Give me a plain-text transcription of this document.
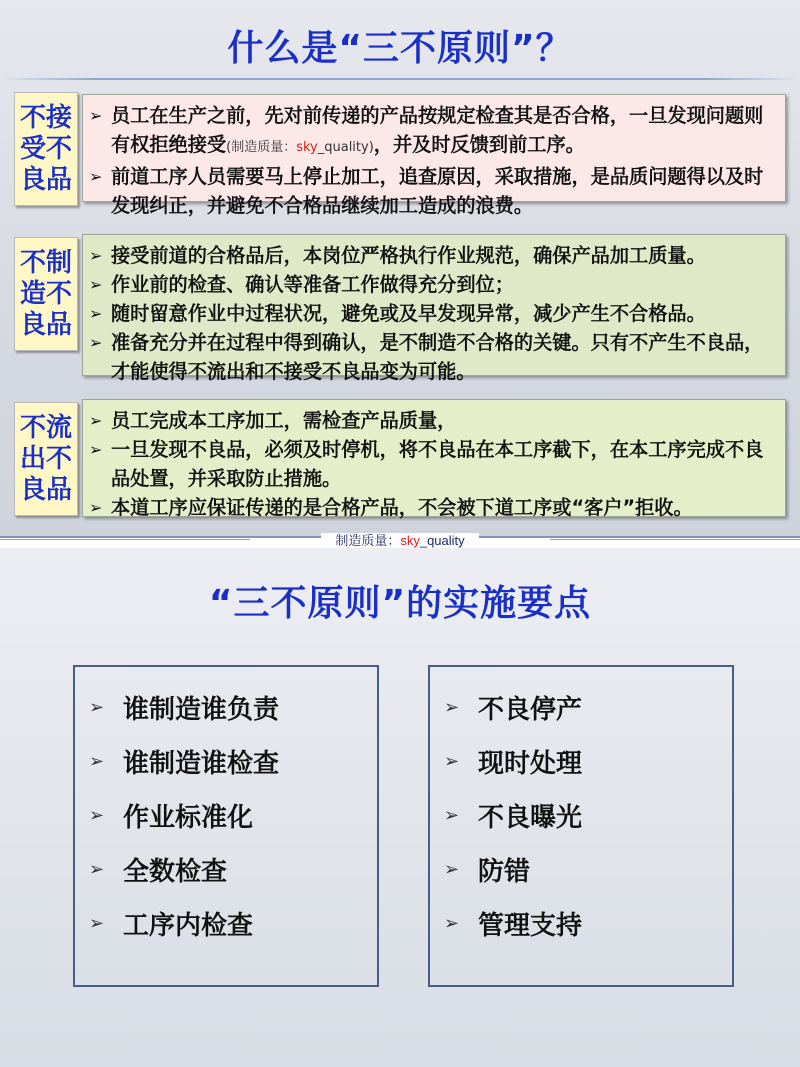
什么是“三不原则”？
不接
受不
良品
➢ 员工在生产之前，先对前传递的产品按规定检查其是否合格，一旦发现问题则有权拒绝接受(制造质量：sky_quality)，并及时反馈到前工序。
➢ 前道工序人员需要马上停止加工，追查原因，采取措施，是品质问题得以及时发现纠正，并避免不合格品继续加工造成的浪费。
不制
造不
良品
➢ 接受前道的合格品后，本岗位严格执行作业规范，确保产品加工质量。
➢ 作业前的检查、确认等准备工作做得充分到位；
➢ 随时留意作业中过程状况，避免或及早发现异常，减少产生不合格品。
➢ 准备充分并在过程中得到确认，是不制造不合格的关键。只有不产生不良品，才能使得不流出和不接受不良品变为可能。
不流
出不
良品
➢ 员工完成本工序加工，需检查产品质量，
➢ 一旦发现不良品，必须及时停机，将不良品在本工序截下，在本工序完成不良品处置，并采取防止措施。
➢ 本道工序应保证传递的是合格产品，不会被下道工序或“客户”拒收。
制造质量：sky_quality
“三不原则”的实施要点
➢ 谁制造谁负责
➢ 谁制造谁检查
➢ 作业标准化
➢ 全数检查
➢ 工序内检查
➢ 不良停产
➢ 现时处理
➢ 不良曝光
➢ 防错
➢ 管理支持
